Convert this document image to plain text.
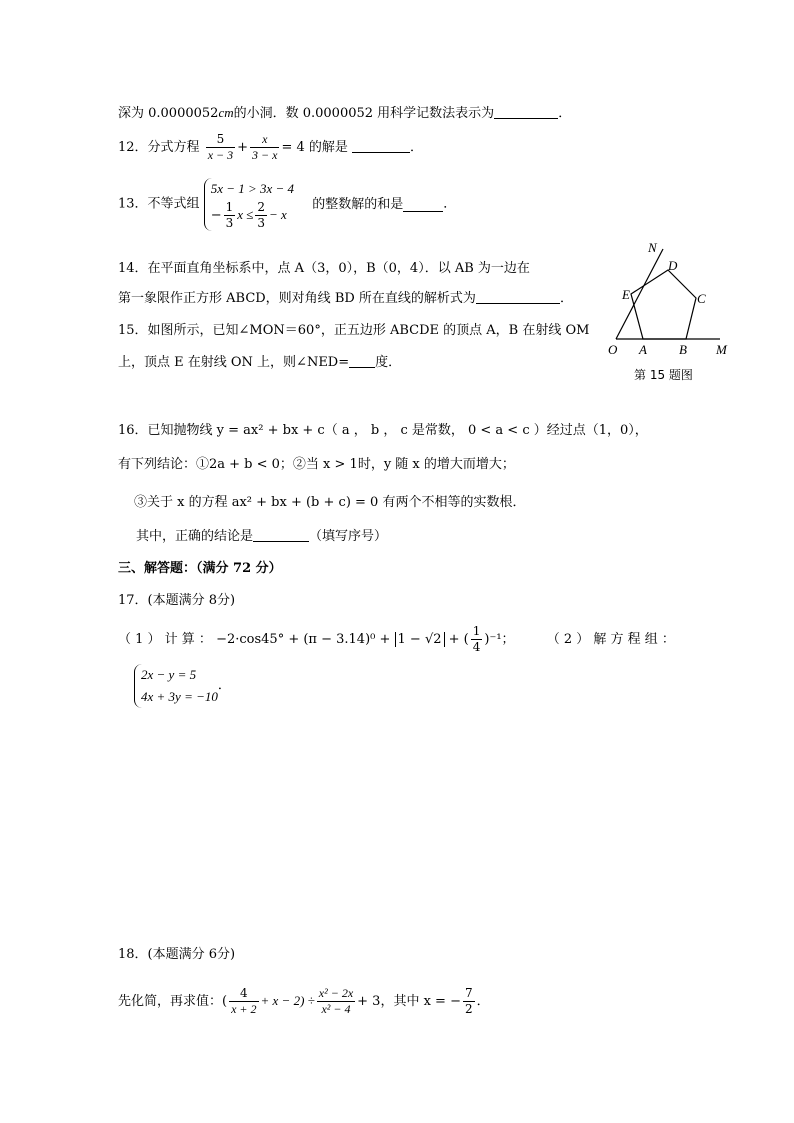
深为 0.0000052cm的小洞．数 0.0000052 用科学记数法表示为	．
12．分式方程 $\frac{5}{x - 3} + \frac{x}{3 - x} = 4$ 的解是	．
13．不等式组
5x − 1 > 3x − 4
− $\frac{1}{3}$ $x \le \frac{2}{3} - x$
的整数解的和是	．
14．在平面直角坐标系中，点 A（3，0），B（0，4）．以 AB 为一边在
第一象限作正方形 ABCD，则对角线 BD 所在直线的解析式为	．
15．如图所示，已知∠MON＝60°，正五边形 ABCDE 的顶点 A，B 在射线 OM
上，顶点 E 在射线 ON 上，则∠NED= 度．
N
D
E	C
O A B M
第 15 题图
16．已知抛物线 y = ax² + bx + c（ a ， b ， c 是常数， 0 < a < c ）经过点（1，0），
有下列结论：①2a + b < 0；②当 x > 1时，y 随 x 的增大而增大；
③关于 x 的方程 ax² + bx + (b + c) = 0 有两个不相等的实数根．
其中，正确的结论是	（填写序号）
三、解答题：（满分 72 分）
17．(本题满分 8分)
（ 1 ） 计 算 ： −2·cos45° + (π − 3.14)⁰ + 1 − √2 + ( $\frac{1}{4} )^{-1}$； （ 2 ） 解 方 程 组 ：
2x − y = 5
4x + 3y = −10
．
18．(本题满分 6分)
先化简，再求值：( $\frac{4}{x + 2} + x - 2) \div \frac{\text{x² − 2x}}{\text{x² − 4}} + 3$，其中 x = − $\frac{7}{2}$ ．
